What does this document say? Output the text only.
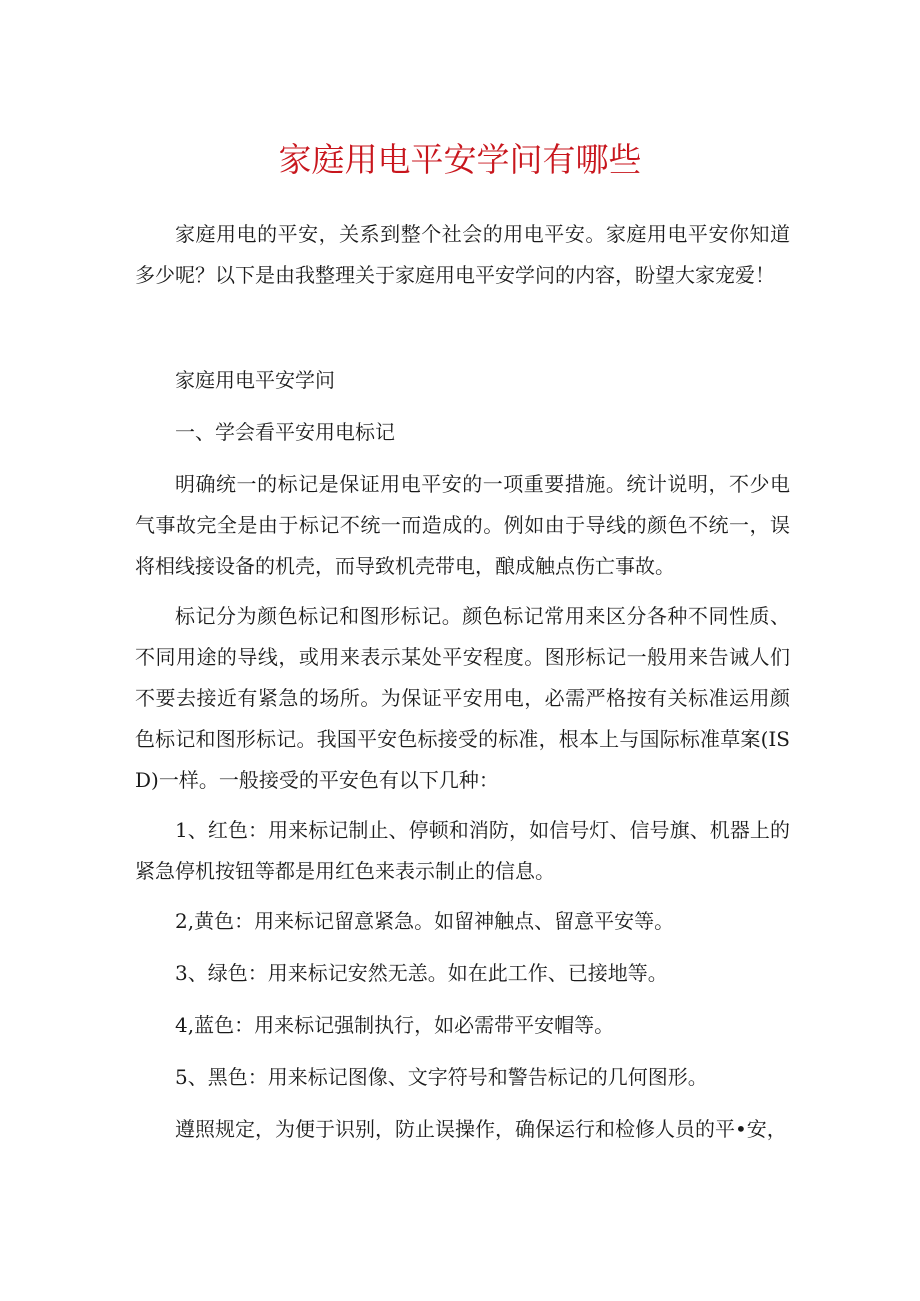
家庭用电平安学问有哪些

家庭用电的平安，关系到整个社会的用电平安。家庭用电平安你知道多少呢？以下是由我整理关于家庭用电平安学问的内容，盼望大家宠爱！

家庭用电平安学问

一、学会看平安用电标记

明确统一的标记是保证用电平安的一项重要措施。统计说明，不少电气事故完全是由于标记不统一而造成的。例如由于导线的颜色不统一，误将相线接设备的机壳，而导致机壳带电，酿成触点伤亡事故。

标记分为颜色标记和图形标记。颜色标记常用来区分各种不同性质、不同用途的导线，或用来表示某处平安程度。图形标记一般用来告诫人们不要去接近有紧急的场所。为保证平安用电，必需严格按有关标准运用颜色标记和图形标记。我国平安色标接受的标准，根本上与国际标准草案(ISD)一样。一般接受的平安色有以下几种：

1、红色：用来标记制止、停顿和消防，如信号灯、信号旗、机器上的紧急停机按钮等都是用红色来表示制止的信息。

2,黄色：用来标记留意紧急。如留神触点、留意平安等。

3、绿色：用来标记安然无恙。如在此工作、已接地等。

4,蓝色：用来标记强制执行，如必需带平安帽等。

5、黑色：用来标记图像、文字符号和警告标记的几何图形。

遵照规定，为便于识别，防止误操作，确保运行和检修人员的平•安，
